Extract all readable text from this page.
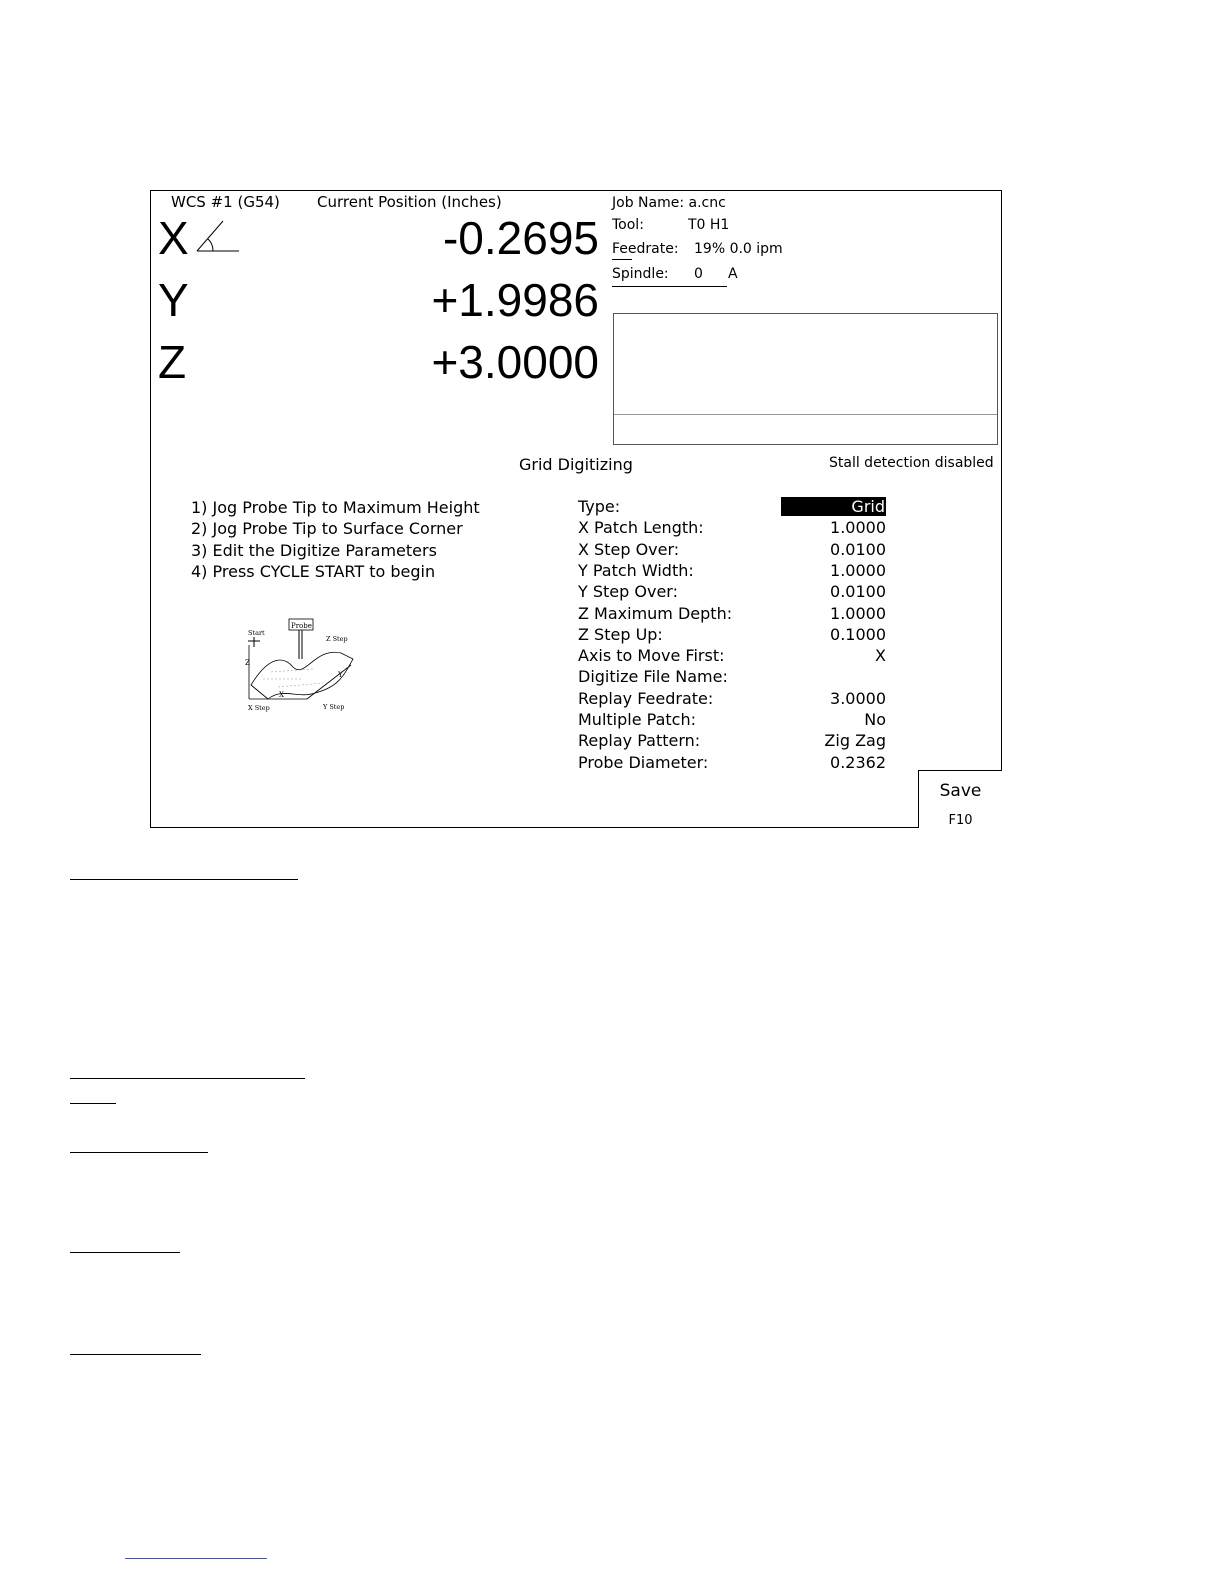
WCS #1 (G54) Current Position (Inches)
X	-0.2695
Y	+1.9986
Z	+3.0000
Job Name: a.cnc
Tool:	T0 H1
Feedrate: 19% 0.0 ipm
Spindle: 0 A
Grid Digitizing	Stall detection disabled
1) Jog Probe Tip to Maximum Height
2) Jog Probe Tip to Surface Corner
3) Edit the Digitize Parameters
4) Press CYCLE START to begin
Probe
Start
Z Step
Z
X
Y
X Step	Y Step
Type:	Grid
X Patch Length:	1.0000
X Step Over:	0.0100
Y Patch Width:	1.0000
Y Step Over:	0.0100
Z Maximum Depth:	1.0000
Z Step Up:	0.1000
Axis to Move First:	X
Digitize File Name:
Replay Feedrate:	3.0000
Multiple Patch:	No
Replay Pattern:	Zig Zag
Probe Diameter:	0.2362
Save
F10
